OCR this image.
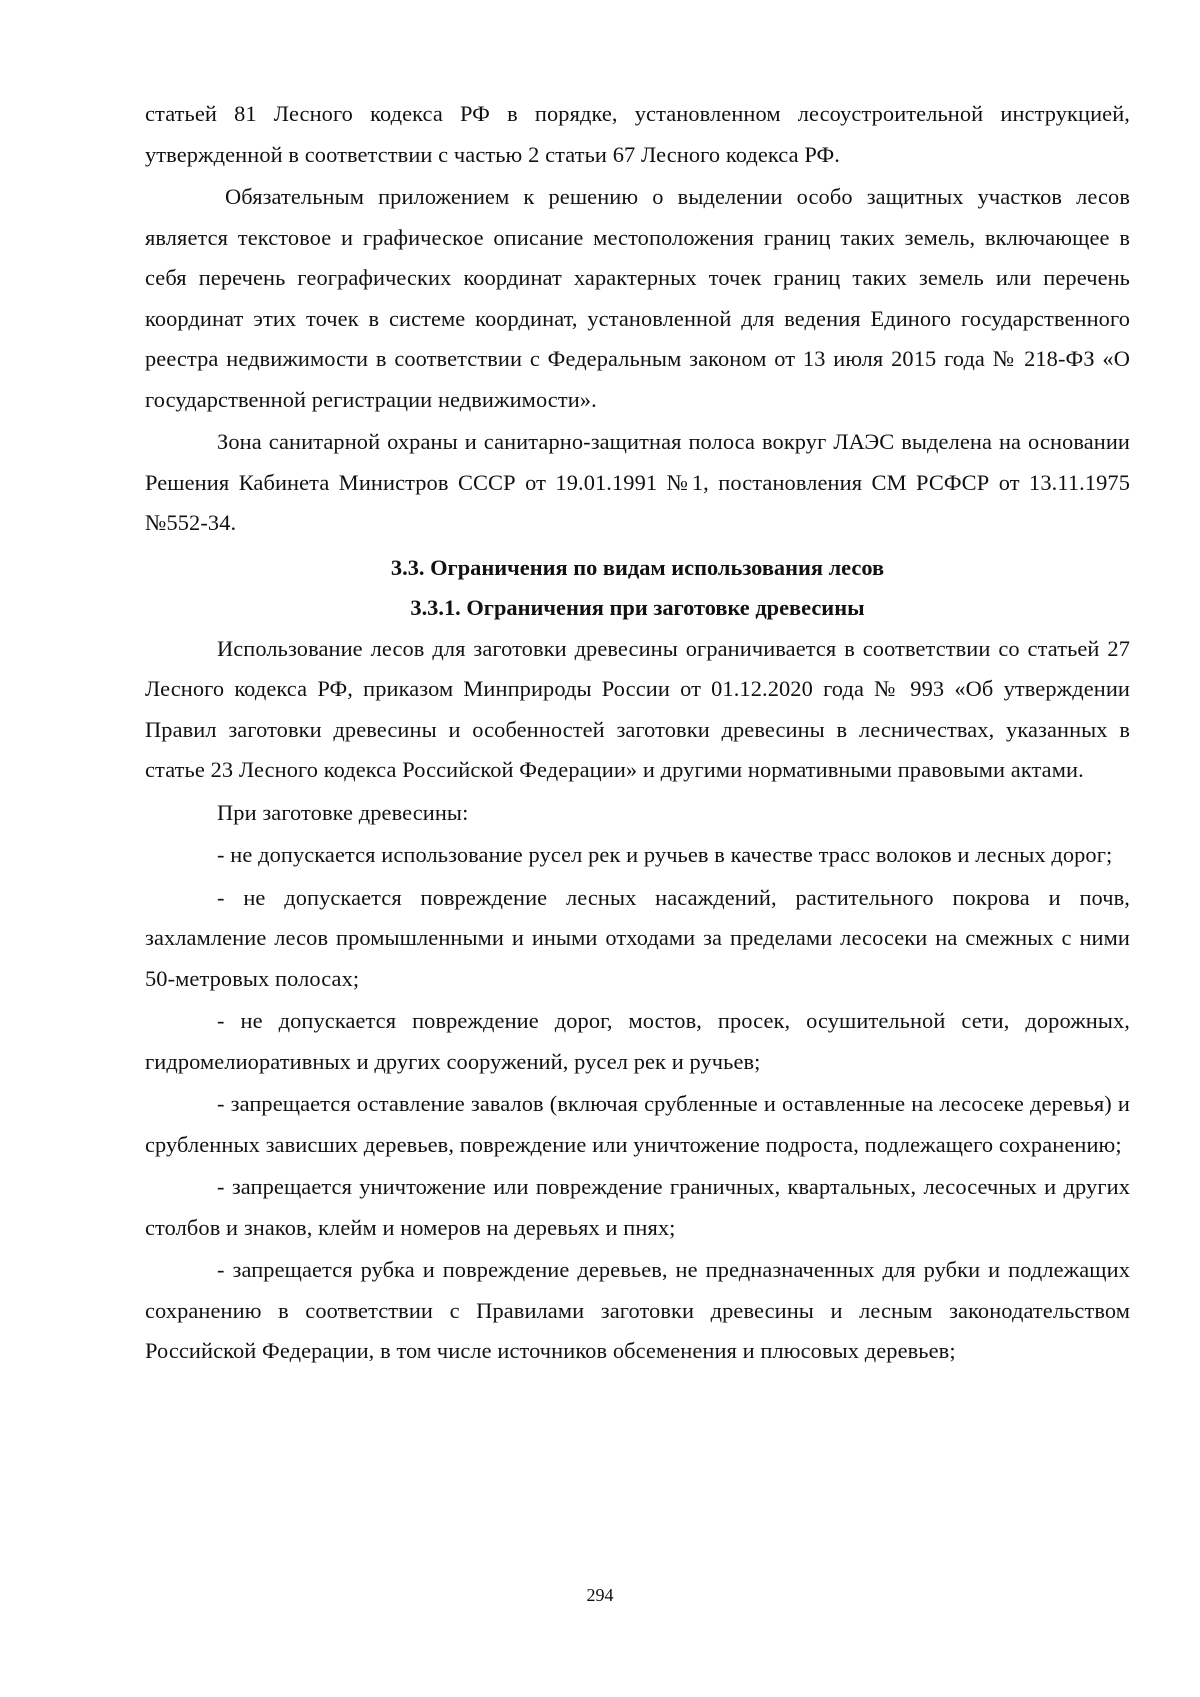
статьей 81 Лесного кодекса РФ в порядке, установленном лесоустроительной инструкцией, утвержденной в соответствии с частью 2 статьи 67 Лесного кодекса РФ.

Обязательным приложением к решению о выделении особо защитных участков лесов является текстовое и графическое описание местоположения границ таких земель, включающее в себя перечень географических координат характерных точек границ таких земель или перечень координат этих точек в системе координат, установленной для ведения Единого государственного реестра недвижимости в соответствии с Федеральным законом от 13 июля 2015 года № 218-ФЗ «О государственной регистрации недвижимости».

Зона санитарной охраны и санитарно-защитная полоса вокруг ЛАЭС выделена на основании Решения Кабинета Министров СССР от 19.01.1991 №1, постановления СМ РСФСР от 13.11.1975 №552-34.

3.3. Ограничения по видам использования лесов
3.3.1. Ограничения при заготовке древесины

Использование лесов для заготовки древесины ограничивается в соответствии со статьей 27 Лесного кодекса РФ, приказом Минприроды России от 01.12.2020 года № 993 «Об утверждении Правил заготовки древесины и особенностей заготовки древесины в лесничествах, указанных в статье 23 Лесного кодекса Российской Федерации» и другими нормативными правовыми актами.

При заготовке древесины:

- не допускается использование русел рек и ручьев в качестве трасс волоков и лесных дорог;

- не допускается повреждение лесных насаждений, растительного покрова и почв, захламление лесов промышленными и иными отходами за пределами лесосеки на смежных с ними 50-метровых полосах;

- не допускается повреждение дорог, мостов, просек, осушительной сети, дорожных, гидромелиоративных и других сооружений, русел рек и ручьев;

- запрещается оставление завалов (включая срубленные и оставленные на лесосеке деревья) и срубленных зависших деревьев, повреждение или уничтожение подроста, подлежащего сохранению;

- запрещается уничтожение или повреждение граничных, квартальных, лесосечных и других столбов и знаков, клейм и номеров на деревьях и пнях;

- запрещается рубка и повреждение деревьев, не предназначенных для рубки и подлежащих сохранению в соответствии с Правилами заготовки древесины и лесным законодательством Российской Федерации, в том числе источников обсеменения и плюсовых деревьев;

294
